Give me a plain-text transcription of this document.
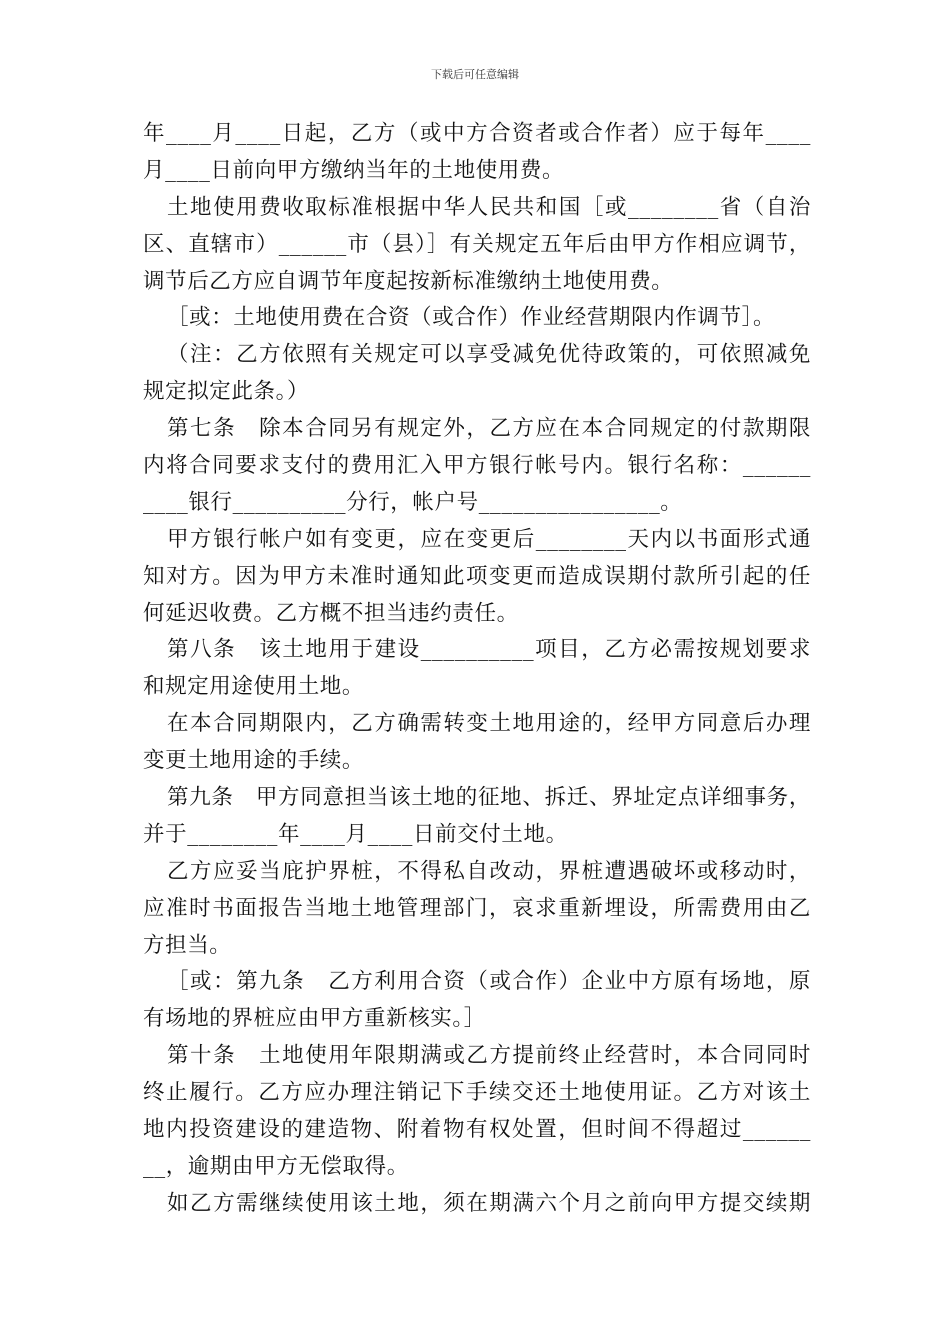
下载后可任意编辑
年____月____日起，乙方（或中方合资者或合作者）应于每年____
月____日前向甲方缴纳当年的土地使用费。
土地使用费收取标准根据中华人民共和国［或________省（自治
区、直辖市）______市（县）］有关规定五年后由甲方作相应调节，
调节后乙方应自调节年度起按新标准缴纳土地使用费。
［或：土地使用费在合资（或合作）作业经营期限内作调节］。
（注：乙方依照有关规定可以享受减免优待政策的，可依照减免
规定拟定此条。）
第七条　除本合同另有规定外，乙方应在本合同规定的付款期限
内将合同要求支付的费用汇入甲方银行帐号内。银行名称：______
____银行__________分行，帐户号________________。
甲方银行帐户如有变更，应在变更后________天内以书面形式通
知对方。因为甲方未准时通知此项变更而造成误期付款所引起的任
何延迟收费。乙方概不担当违约责任。
第八条　该土地用于建设__________项目，乙方必需按规划要求
和规定用途使用土地。
在本合同期限内，乙方确需转变土地用途的，经甲方同意后办理
变更土地用途的手续。
第九条　甲方同意担当该土地的征地、拆迁、界址定点详细事务，
并于________年____月____日前交付土地。
乙方应妥当庇护界桩，不得私自改动，界桩遭遇破坏或移动时，
应准时书面报告当地土地管理部门，哀求重新埋设，所需费用由乙
方担当。
［或：第九条　乙方利用合资（或合作）企业中方原有场地，原
有场地的界桩应由甲方重新核实。］
第十条　土地使用年限期满或乙方提前终止经营时，本合同同时
终止履行。乙方应办理注销记下手续交还土地使用证。乙方对该土
地内投资建设的建造物、附着物有权处置，但时间不得超过______
__，逾期由甲方无偿取得。
如乙方需继续使用该土地，须在期满六个月之前向甲方提交续期
